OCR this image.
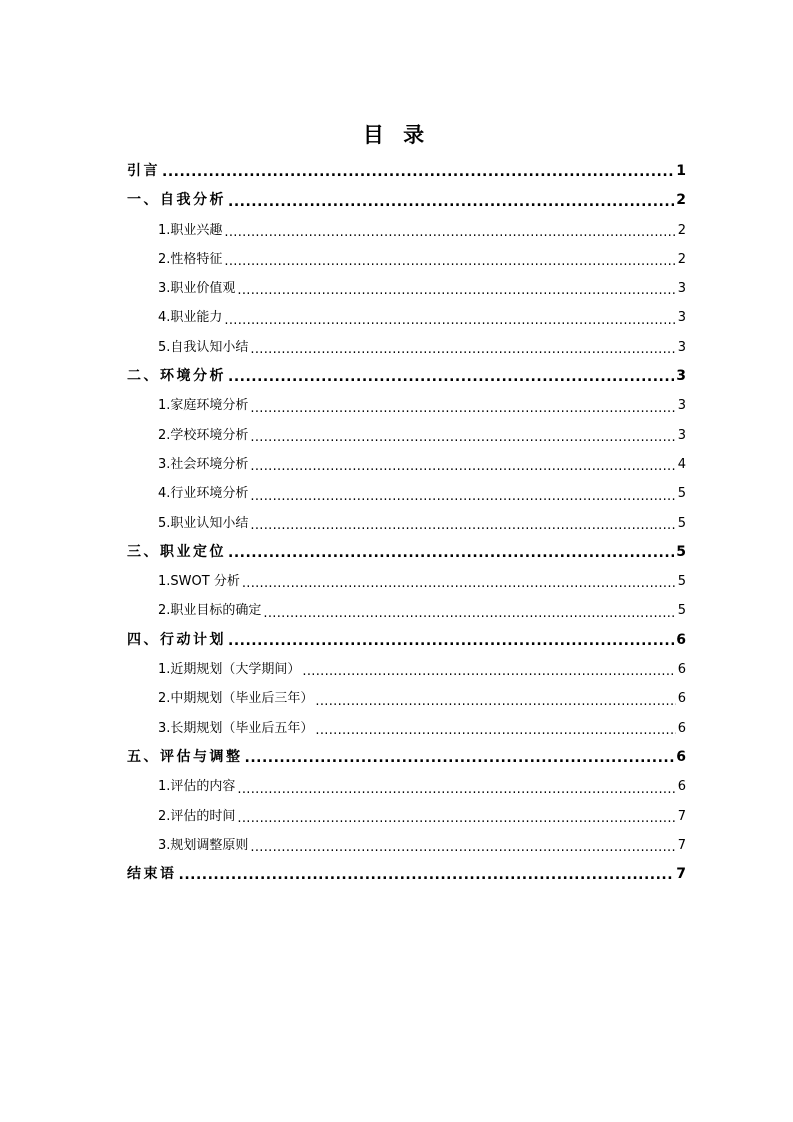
目 录
引言 .....	1
一、自我分析 .....	2
1.职业兴趣 .....	2
2.性格特征 .....	2
3.职业价值观 .....	3
4.职业能力 .....	3
5.自我认知小结 .....	3
二、环境分析 .....	3
1.家庭环境分析 .....	3
2.学校环境分析 .....	3
3.社会环境分析 .....	4
4.行业环境分析 .....	5
5.职业认知小结 .....	5
三、职业定位 .....	5
1.SWOT 分析 .....	5
2.职业目标的确定 .....	5
四、行动计划 .....	6
1.近期规划（大学期间） .....	6
2.中期规划（毕业后三年） .....	6
3.长期规划（毕业后五年） .....	6
五、评估与调整 .....	6
1.评估的内容 .....	6
2.评估的时间 .....	7
3.规划调整原则 .....	7
结束语 .....	7
